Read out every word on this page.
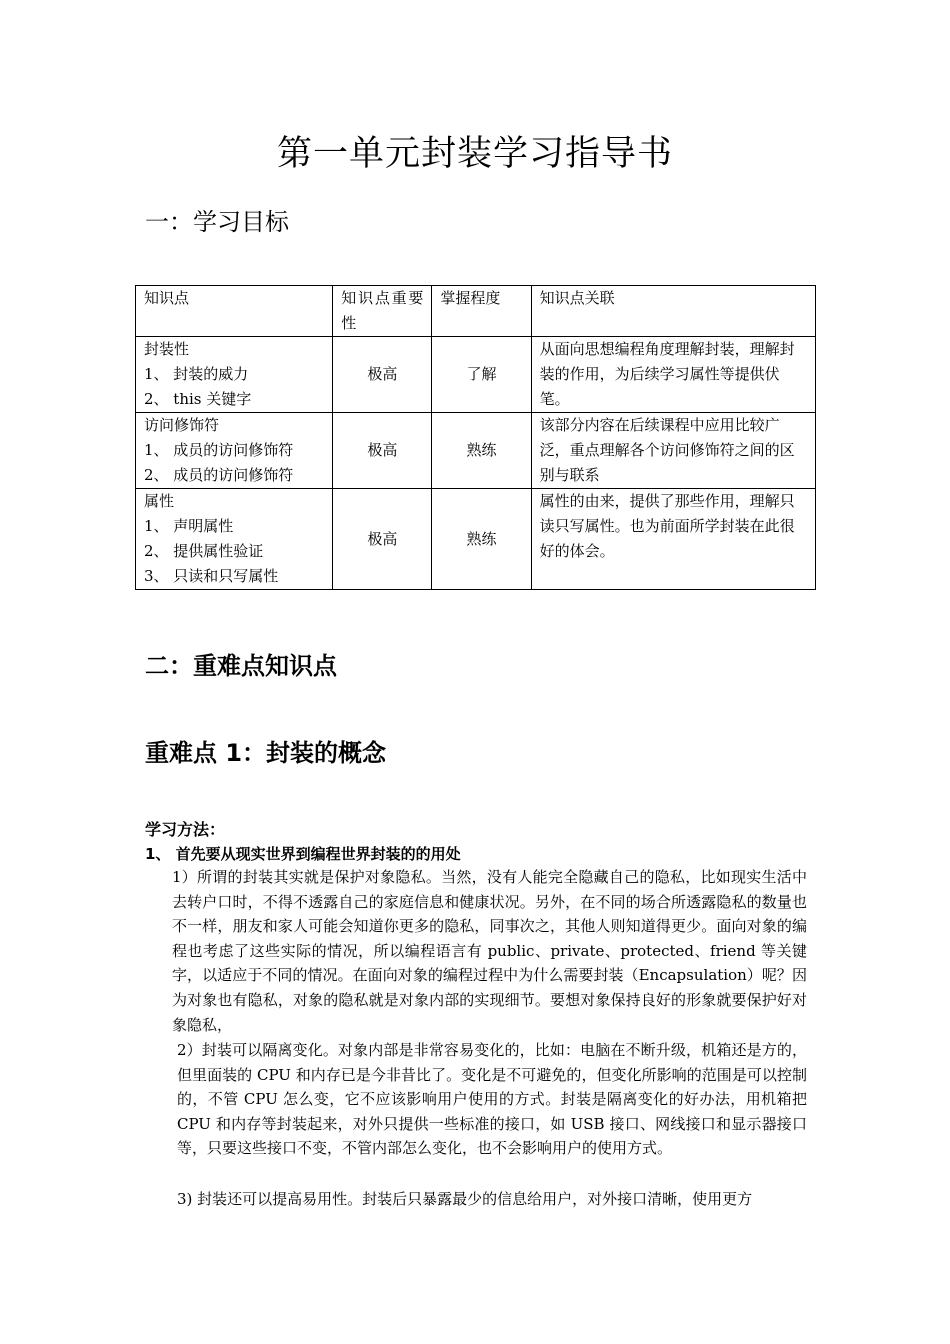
第一单元封装学习指导书
一：学习目标
知识点	知识点重要性	掌握程度	知识点关联

封装性
1、 封装的威力
2、 this 关键字	极高	了解	从面向思想编程角度理解封装，理解封装的作用，为后续学习属性等提供伏笔。

访问修饰符
1、 成员的访问修饰符
2、 成员的访问修饰符	极高	熟练	该部分内容在后续课程中应用比较广泛，重点理解各个访问修饰符之间的区别与联系

属性
1、 声明属性
2、 提供属性验证
3、 只读和只写属性	极高	熟练	属性的由来，提供了那些作用，理解只读只写属性。也为前面所学封装在此很好的体会。
二：重难点知识点
重难点 1：封装的概念
学习方法：
1、 首先要从现实世界到编程世界封装的的用处
1）所谓的封装其实就是保护对象隐私。当然，没有人能完全隐藏自己的隐私，比如现实生活中去转户口时，不得不透露自己的家庭信息和健康状况。另外，在不同的场合所透露隐私的数量也不一样，朋友和家人可能会知道你更多的隐私，同事次之，其他人则知道得更少。面向对象的编程也考虑了这些实际的情况，所以编程语言有 public、private、protected、friend 等关键字，以适应于不同的情况。在面向对象的编程过程中为什么需要封装（Encapsulation）呢？因为对象也有隐私，对象的隐私就是对象内部的实现细节。要想对象保持良好的形象就要保护好对象隐私，
2）封装可以隔离变化。对象内部是非常容易变化的，比如：电脑在不断升级，机箱还是方的，但里面装的 CPU 和内存已是今非昔比了。变化是不可避免的，但变化所影响的范围是可以控制的，不管 CPU 怎么变，它不应该影响用户使用的方式。封装是隔离变化的好办法，用机箱把 CPU 和内存等封装起来，对外只提供一些标准的接口，如 USB 接口、网线接口和显示器接口等，只要这些接口不变，不管内部怎么变化，也不会影响用户的使用方式。
3) 封装还可以提高易用性。封装后只暴露最少的信息给用户，对外接口清晰，使用更方
